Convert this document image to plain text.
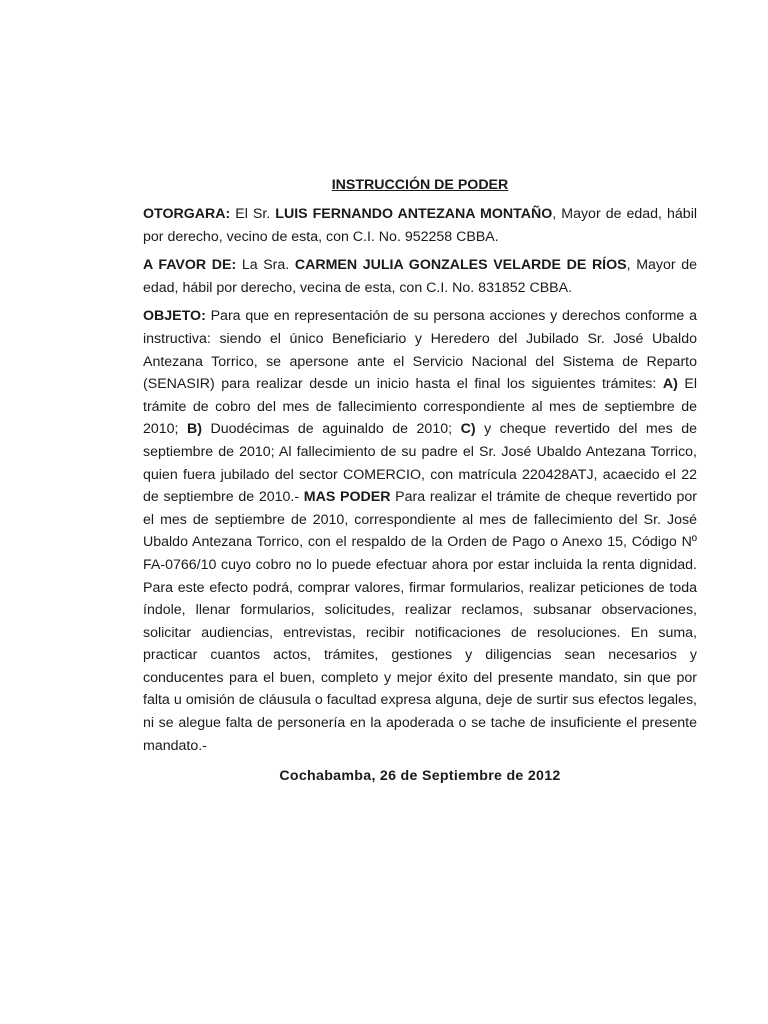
INSTRUCCIÓN DE PODER

OTORGARA: El Sr. LUIS FERNANDO ANTEZANA MONTAÑO, Mayor de edad, hábil por derecho, vecino de esta, con C.I. No. 952258 CBBA.

A FAVOR DE: La Sra. CARMEN JULIA GONZALES VELARDE DE RÍOS, Mayor de edad, hábil por derecho, vecina de esta, con C.I. No. 831852 CBBA.

OBJETO: Para que en representación de su persona acciones y derechos conforme a instructiva: siendo el único Beneficiario y Heredero del Jubilado Sr. José Ubaldo Antezana Torrico, se apersone ante el Servicio Nacional del Sistema de Reparto (SENASIR) para realizar desde un inicio hasta el final los siguientes trámites: A) El trámite de cobro del mes de fallecimiento correspondiente al mes de septiembre de 2010; B) Duodécimas de aguinaldo de 2010; C) y cheque revertido del mes de septiembre de 2010; Al fallecimiento de su padre el Sr. José Ubaldo Antezana Torrico, quien fuera jubilado del sector COMERCIO, con matrícula 220428ATJ, acaecido el 22 de septiembre de 2010.- MAS PODER Para realizar el trámite de cheque revertido por el mes de septiembre de 2010, correspondiente al mes de fallecimiento del Sr. José Ubaldo Antezana Torrico, con el respaldo de la Orden de Pago o Anexo 15, Código Nº FA-0766/10 cuyo cobro no lo puede efectuar ahora por estar incluida la renta dignidad. Para este efecto podrá, comprar valores, firmar formularios, realizar peticiones de toda índole, llenar formularios, solicitudes, realizar reclamos, subsanar observaciones, solicitar audiencias, entrevistas, recibir notificaciones de resoluciones. En suma, practicar cuantos actos, trámites, gestiones y diligencias sean necesarios y conducentes para el buen, completo y mejor éxito del presente mandato, sin que por falta u omisión de cláusula o facultad expresa alguna, deje de surtir sus efectos legales, ni se alegue falta de personería en la apoderada o se tache de insuficiente el presente mandato.-

Cochabamba, 26 de Septiembre de 2012
